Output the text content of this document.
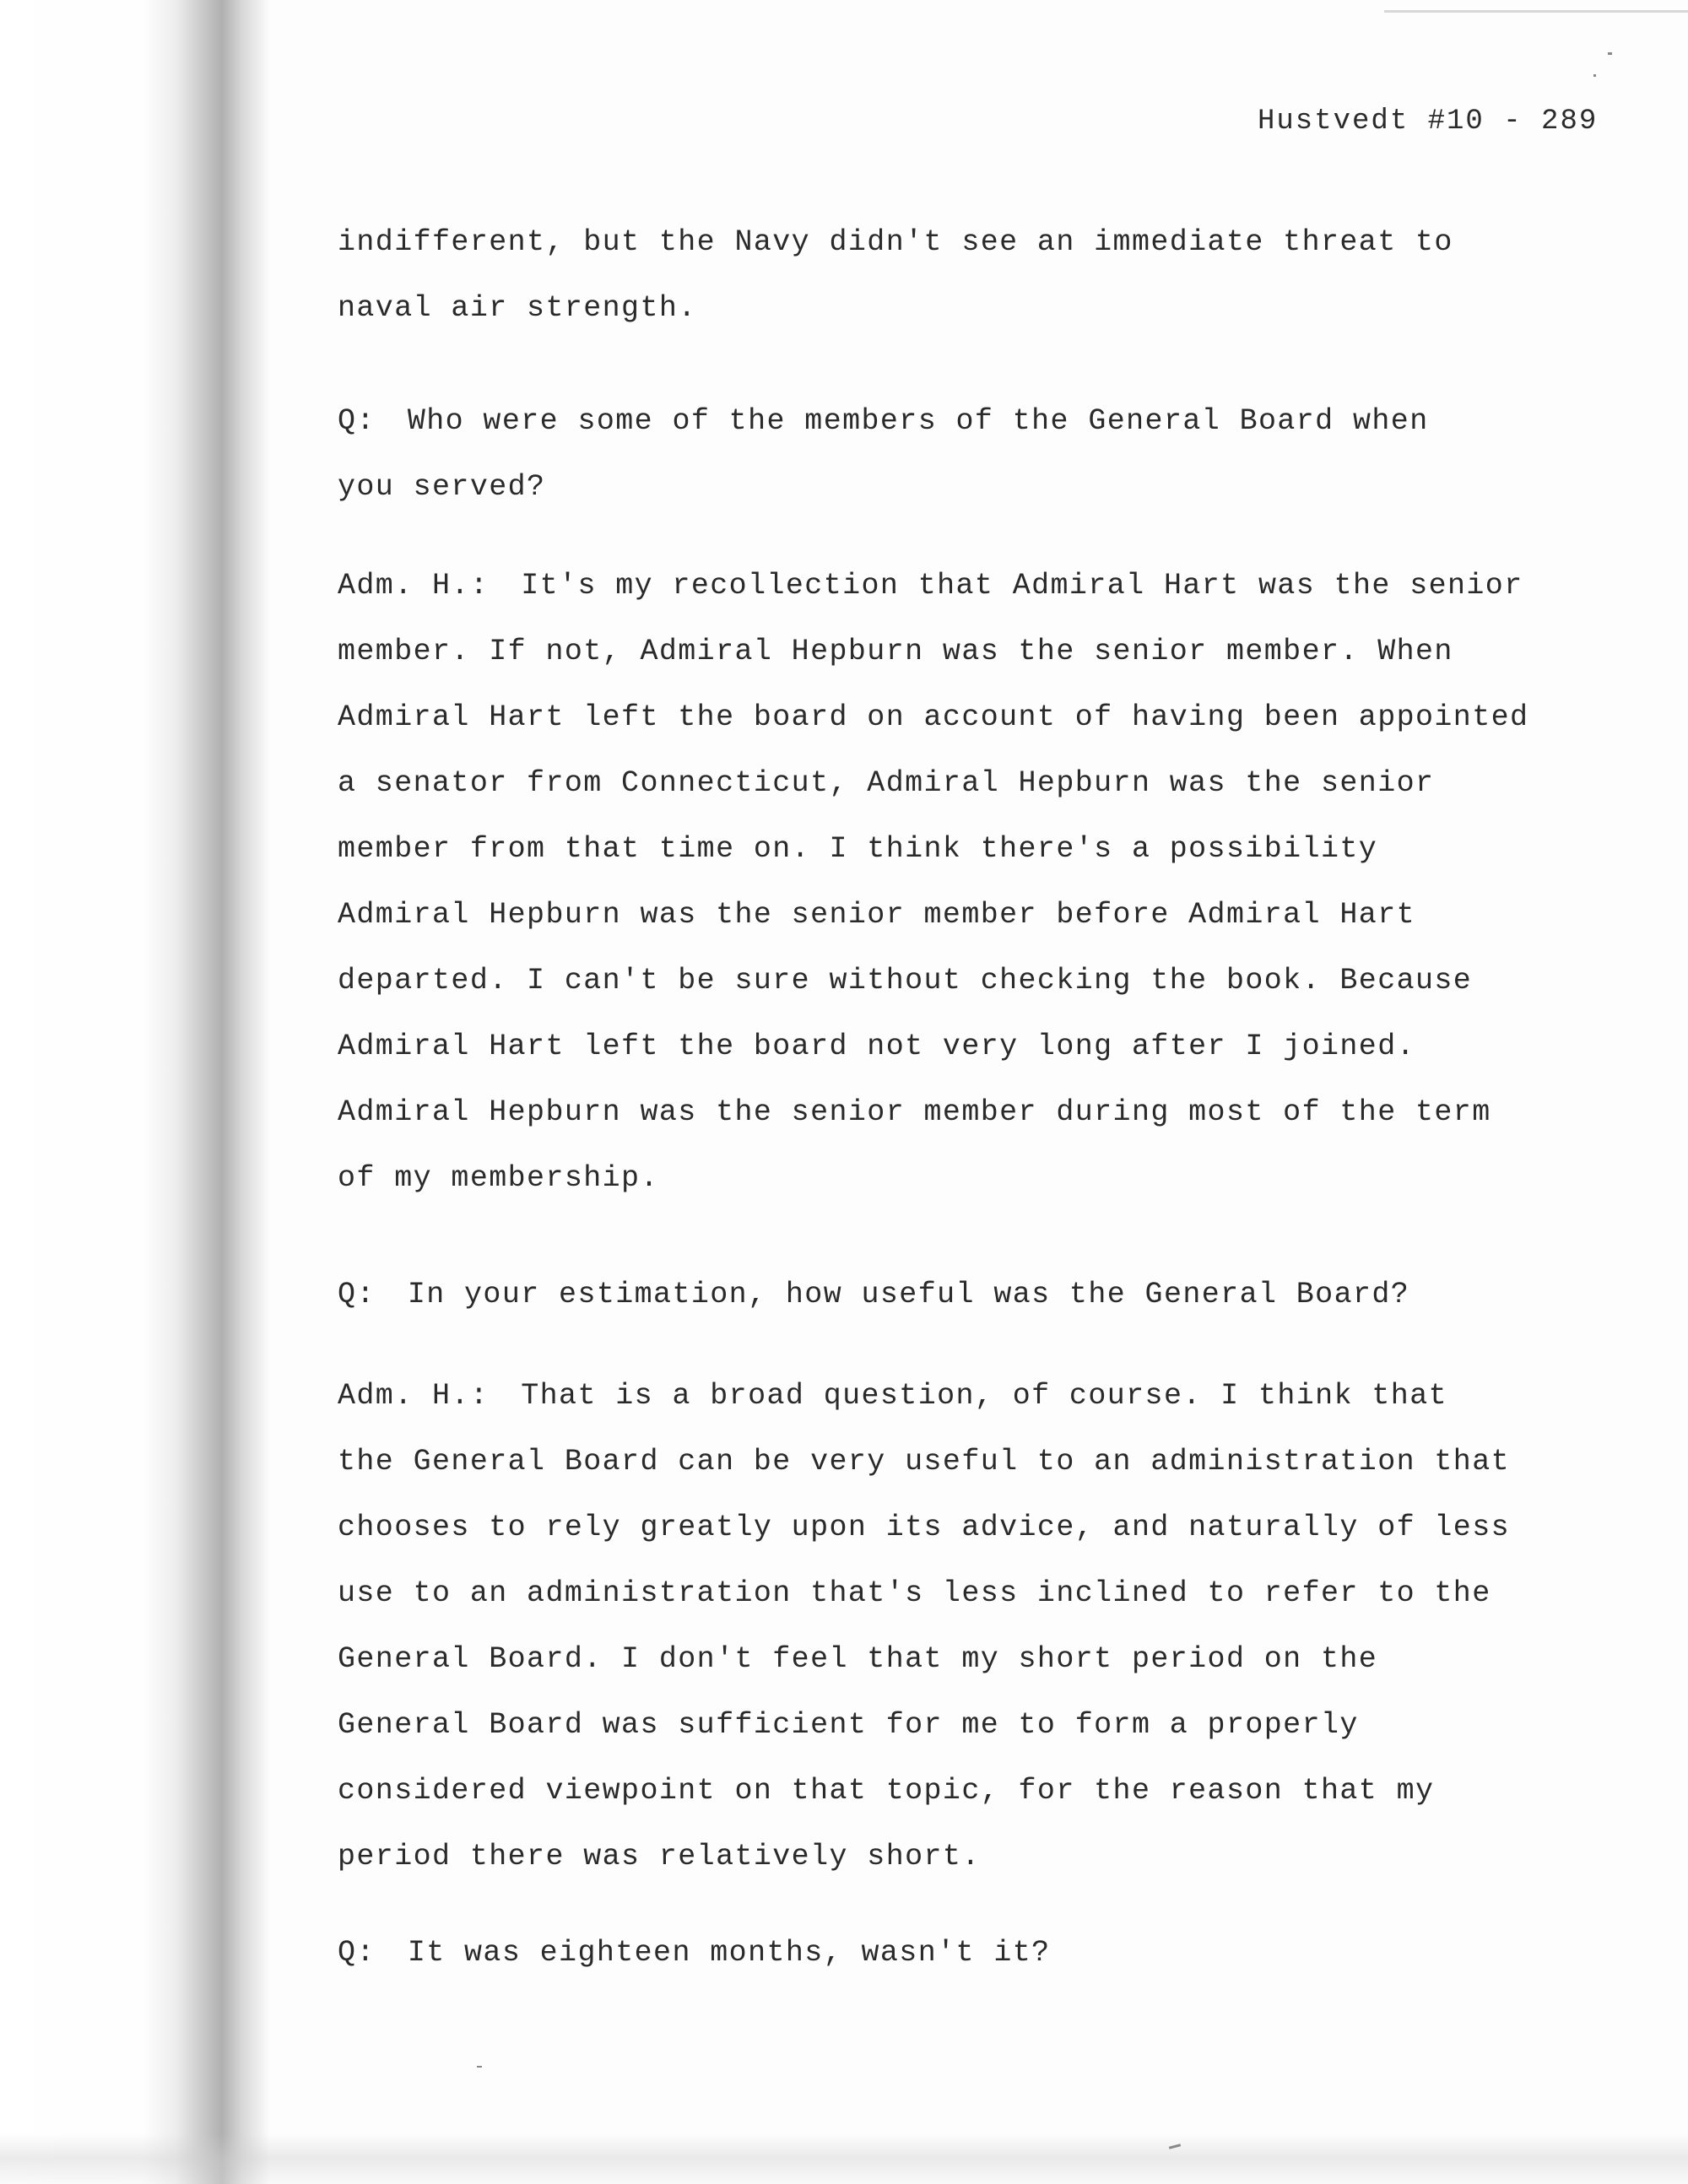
Hustvedt #10 - 289
indifferent, but the Navy didn't see an immediate threat to
naval air strength.
Q: Who were some of the members of the General Board when
you served?
Adm. H.: It's my recollection that Admiral Hart was the senior
member. If not, Admiral Hepburn was the senior member. When
Admiral Hart left the board on account of having been appointed
a senator from Connecticut, Admiral Hepburn was the senior
member from that time on. I think there's a possibility
Admiral Hepburn was the senior member before Admiral Hart
departed. I can't be sure without checking the book. Because
Admiral Hart left the board not very long after I joined.
Admiral Hepburn was the senior member during most of the term
of my membership.
Q: In your estimation, how useful was the General Board?
Adm. H.: That is a broad question, of course. I think that
the General Board can be very useful to an administration that
chooses to rely greatly upon its advice, and naturally of less
use to an administration that's less inclined to refer to the
General Board. I don't feel that my short period on the
General Board was sufficient for me to form a properly
considered viewpoint on that topic, for the reason that my
period there was relatively short.
Q: It was eighteen months, wasn't it?
